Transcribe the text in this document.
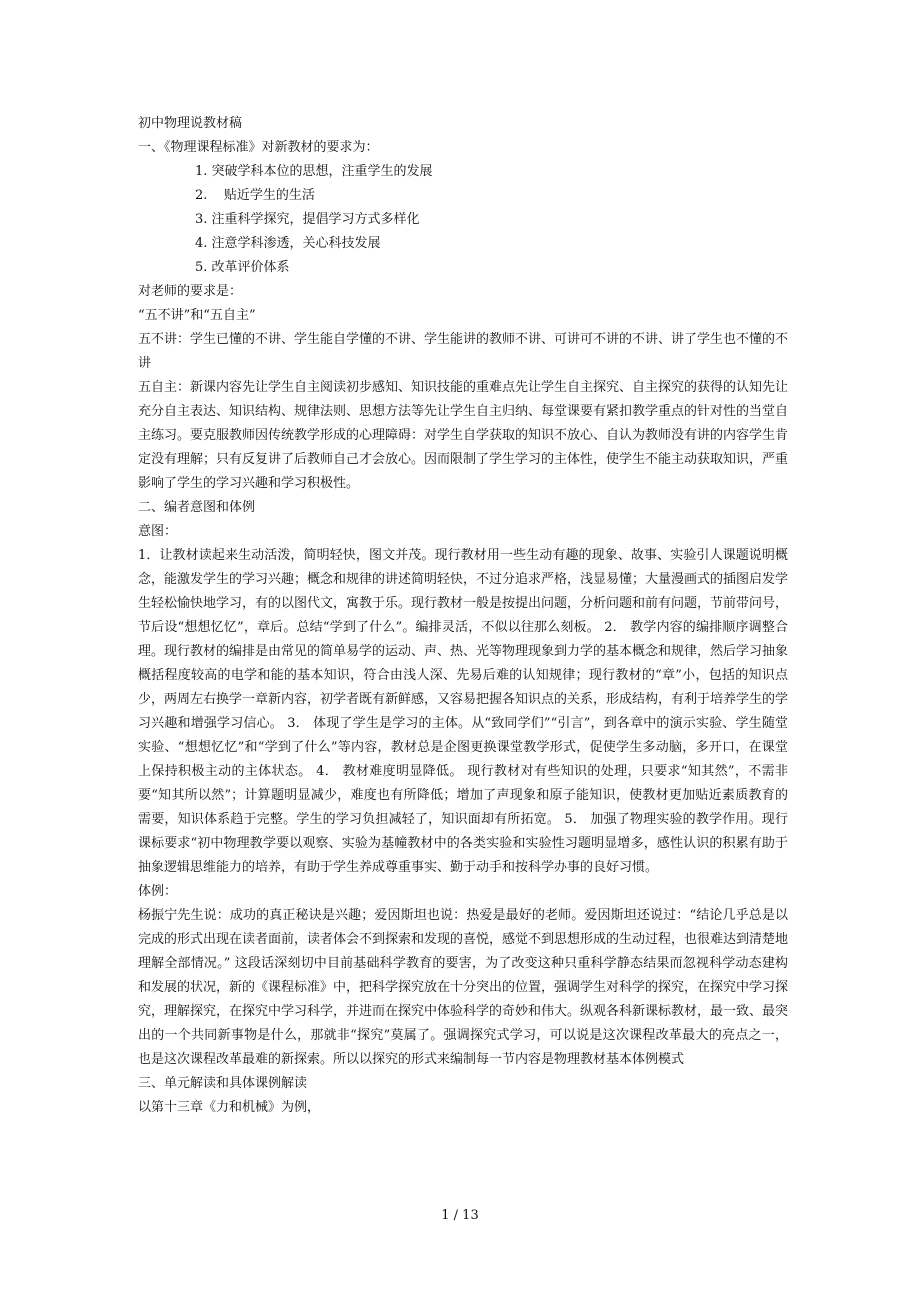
初中物理说教材稿
一、《物理课程标准》对新教材的要求为：
1. 突破学科本位的思想，注重学生的发展
2.    贴近学生的生活
3. 注重科学探究，提倡学习方式多样化
4. 注意学科渗透，关心科技发展
5. 改革评价体系
对老师的要求是：
“五不讲”和“五自主”
五不讲：学生已懂的不讲、学生能自学懂的不讲、学生能讲的教师不讲、可讲可不讲的不讲、讲了学生也不懂的不讲
五自主：新课内容先让学生自主阅读初步感知、知识技能的重难点先让学生自主探究、自主探究的获得的认知先让充分自主表达、知识结构、规律法则、思想方法等先让学生自主归纳、每堂课要有紧扣教学重点的针对性的当堂自主练习。要克服教师因传统教学形成的心理障碍：对学生自学获取的知识不放心、自认为教师没有讲的内容学生肯定没有理解；只有反复讲了后教师自己才会放心。因而限制了学生学习的主体性，使学生不能主动获取知识，严重影响了学生的学习兴趣和学习积极性。
二、编者意图和体例
意图：
1．让教材读起来生动活泼，简明轻快，图文并茂。现行教材用一些生动有趣的现象、故事、实验引人课题说明概念，能激发学生的学习兴趣；概念和规律的讲述简明轻快，不过分追求严格，浅显易懂；大量漫画式的插图启发学生轻松愉快地学习，有的以图代文，寓教于乐。现行教材一般是按提出问题，分析问题和前有问题，节前带问号，节后设“想想忆忆”，章后。总结“学到了什么”。编排灵活，不似以往那么刻板。 2． 教学内容的编排顺序调整合理。现行教材的编排是由常见的简单易学的运动、声、热、光等物理现象到力学的基本概念和规律，然后学习抽象概括程度较高的电学和能的基本知识，符合由浅人深、先易后难的认知规律；现行教材的“章”小，包括的知识点少，两周左右换学一章新内容，初学者既有新鲜感，又容易把握各知识点的关系，形成结构，有利于培养学生的学习兴趣和增强学习信心。 3． 体现了学生是学习的主体。从“致同学们”“引言”，到各章中的演示实验、学生随堂实验、“想想忆忆”和“学到了什么”等内容，教材总是企图更换课堂教学形式，促使学生多动脑，多开口，在课堂上保持积极主动的主体状态。 4． 教材难度明显降低。 现行教材对有些知识的处理，只要求“知其然”，不需非要“知其所以然”；计算题明显减少，难度也有所降低；增加了声现象和原子能知识，使教材更加贴近素质教育的需要，知识体系趋于完整。学生的学习负担减轻了，知识面却有所拓宽。 5． 加强了物理实验的教学作用。现行课标要求“初中物理教学要以观察、实验为基幢教材中的各类实验和实验性习题明显增多，感性认识的积累有助于抽象逻辑思维能力的培养，有助于学生养成尊重事实、勤于动手和按科学办事的良好习惯。
体例：
杨振宁先生说：成功的真正秘诀是兴趣；爱因斯坦也说：热爱是最好的老师。爱因斯坦还说过：“结论几乎总是以完成的形式出现在读者面前，读者体会不到探索和发现的喜悦，感觉不到思想形成的生动过程，也很难达到清楚地理解全部情况。” 这段话深刻切中目前基础科学教育的要害，为了改变这种只重科学静态结果而忽视科学动态建构和发展的状况，新的《课程标准》中，把科学探究放在十分突出的位置，强调学生对科学的探究，在探究中学习探究，理解探究，在探究中学习科学，并进而在探究中体验科学的奇妙和伟大。纵观各科新课标教材，最一致、最突出的一个共同新事物是什么，那就非“探究”莫属了。强调探究式学习，可以说是这次课程改革最大的亮点之一，也是这次课程改革最难的新探索。所以以探究的形式来编制每一节内容是物理教材基本体例模式
三、单元解读和具体课例解读
以第十三章《力和机械》为例，
1 / 13
